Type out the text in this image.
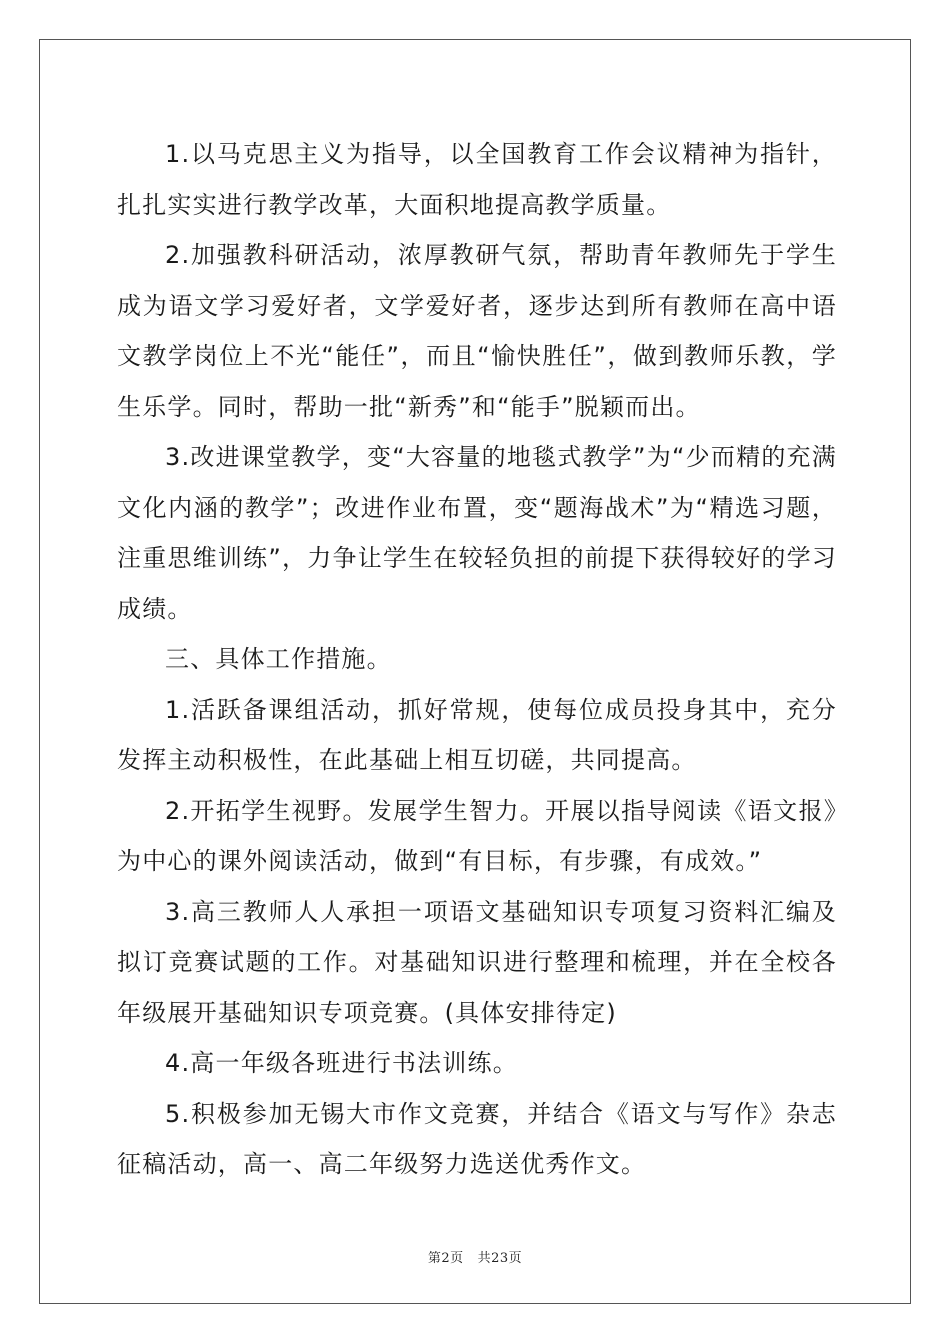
1.以马克思主义为指导，以全国教育工作会议精神为指针，扎扎实实进行教学改革，大面积地提高教学质量。

2.加强教科研活动，浓厚教研气氛，帮助青年教师先于学生成为语文学习爱好者，文学爱好者，逐步达到所有教师在高中语文教学岗位上不光“能任”，而且“愉快胜任”，做到教师乐教，学生乐学。同时，帮助一批“新秀”和“能手”脱颖而出。

3.改进课堂教学，变“大容量的地毯式教学”为“少而精的充满文化内涵的教学”；改进作业布置，变“题海战术”为“精选习题，注重思维训练”，力争让学生在较轻负担的前提下获得较好的学习成绩。

三、具体工作措施。

1.活跃备课组活动，抓好常规，使每位成员投身其中，充分发挥主动积极性，在此基础上相互切磋，共同提高。

2.开拓学生视野。发展学生智力。开展以指导阅读《语文报》为中心的课外阅读活动，做到“有目标，有步骤，有成效。”

3.高三教师人人承担一项语文基础知识专项复习资料汇编及拟订竞赛试题的工作。对基础知识进行整理和梳理，并在全校各年级展开基础知识专项竞赛。(具体安排待定)

4.高一年级各班进行书法训练。

5.积极参加无锡大市作文竞赛，并结合《语文与写作》杂志征稿活动，高一、高二年级努力选送优秀作文。

第2页 共23页
